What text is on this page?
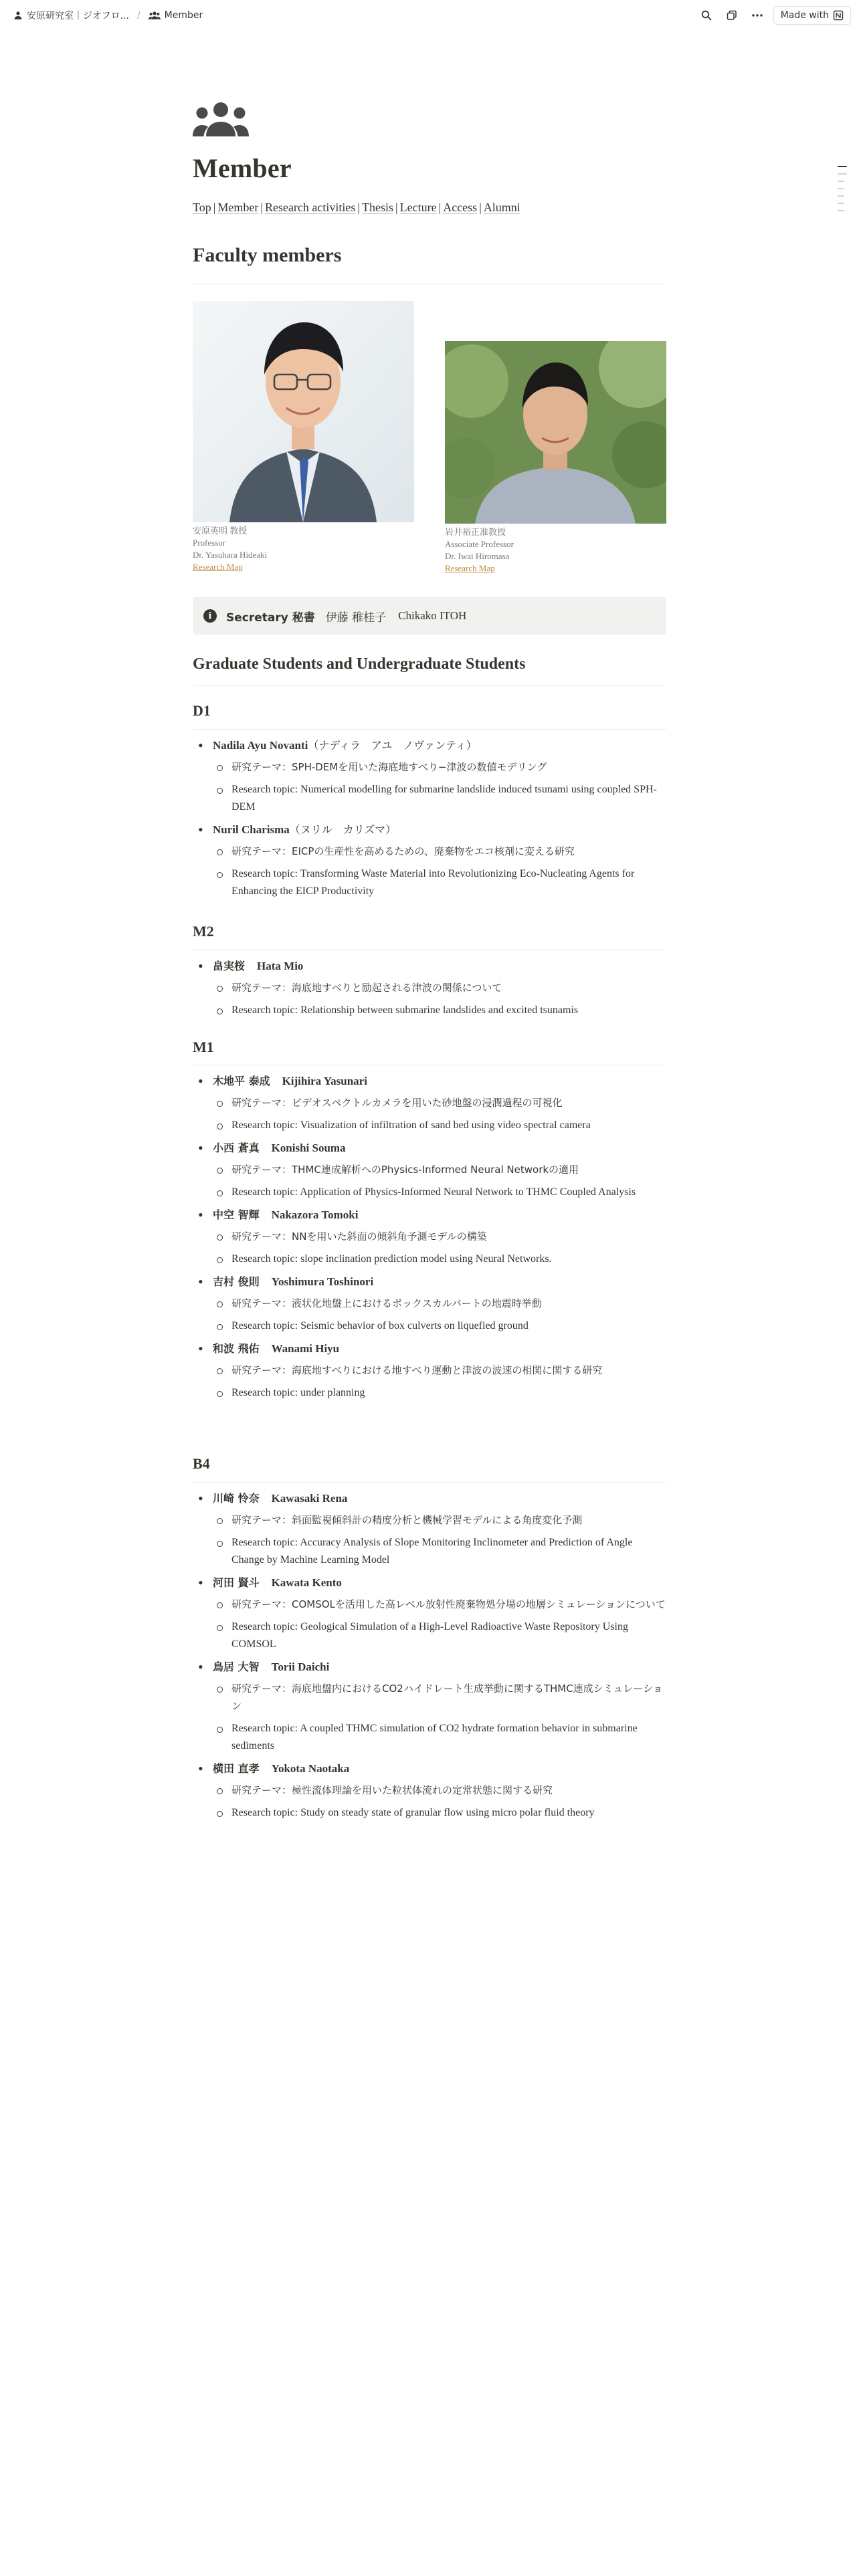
安原研究室｜ジオフロ... /	Member	Made with
Member
Top | Member | Research activities | Thesis | Lecture | Access | Alumni
Faculty members
安原英明 教授
Professor
Dr. Yasuhara Hideaki
Research Map
岩井裕正准教授
Associate Professor
Dr. Iwai Hiromasa
Research Map
i	Secretary 秘書 伊藤 稚桂子 Chikako ITOH
Graduate Students and Undergraduate Students
D1
• Nadila Ayu Novanti（ナディラ　アユ　ノヴァンティ）
研究テーマ：SPH-DEMを用いた海底地すべり−津波の数値モデリング
Research topic: Numerical modelling for submarine landslide induced tsunami using coupled SPH-DEM
• Nuril Charisma（ヌリル　カリズマ）
研究テーマ：EICPの生産性を高めるための、廃棄物をエコ核剤に変える研究
Research topic: Transforming Waste Material into Revolutionizing Eco-Nucleating Agents for Enhancing the EICP Productivity
M2
• 畠実桜 Hata Mio
研究テーマ：海底地すべりと励起される津波の関係について
Research topic: Relationship between submarine landslides and excited tsunamis
M1
• 木地平 泰成 Kijihira Yasunari
研究テーマ：ビデオスペクトルカメラを用いた砂地盤の浸潤過程の可視化
Research topic: Visualization of infiltration of sand bed using video spectral camera
• 小西 蒼真 Konishi Souma
研究テーマ：THMC連成解析へのPhysics-Informed Neural Networkの適用
Research topic: Application of Physics-Informed Neural Network to THMC Coupled Analysis
• 中空 智輝 Nakazora Tomoki
研究テーマ：NNを用いた斜面の傾斜角予測モデルの構築
Research topic: slope inclination prediction model using Neural Networks.
• 吉村 俊則 Yoshimura Toshinori
研究テーマ：液状化地盤上におけるボックスカルバートの地震時挙動
Research topic: Seismic behavior of box culverts on liquefied ground
• 和波 飛佑 Wanami Hiyu
研究テーマ：海底地すべりにおける地すべり運動と津波の波速の相関に関する研究
Research topic: under planning
B4
• 川崎 怜奈 Kawasaki Rena
研究テーマ：斜面監視傾斜計の精度分析と機械学習モデルによる角度変化予測
Research topic: Accuracy Analysis of Slope Monitoring Inclinometer and Prediction of Angle Change by Machine Learning Model
• 河田 賢斗 Kawata Kento
研究テーマ：COMSOLを活用した高レベル放射性廃棄物処分場の地層シミュレーションについて
Research topic: Geological Simulation of a High-Level Radioactive Waste Repository Using COMSOL
• 鳥居 大智 Torii Daichi
研究テーマ：海底地盤内におけるCO2ハイドレート生成挙動に関するTHMC連成シミュレーション
Research topic: A coupled THMC simulation of CO2 hydrate formation behavior in submarine sediments
• 横田 直孝 Yokota Naotaka
研究テーマ：極性流体理論を用いた粒状体流れの定常状態に関する研究
Research topic: Study on steady state of granular flow using micro polar fluid theory
